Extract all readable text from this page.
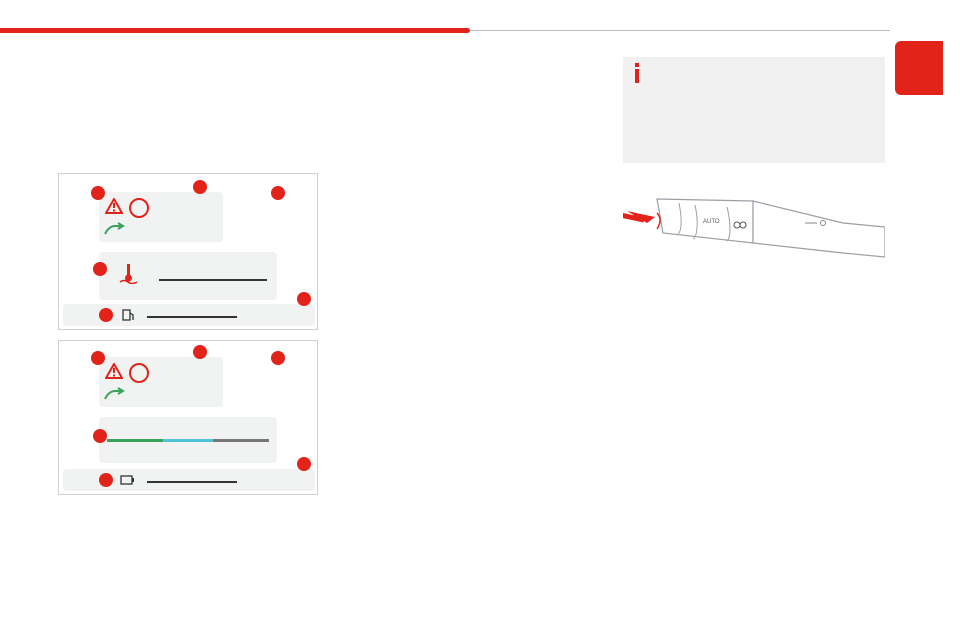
AUTO
